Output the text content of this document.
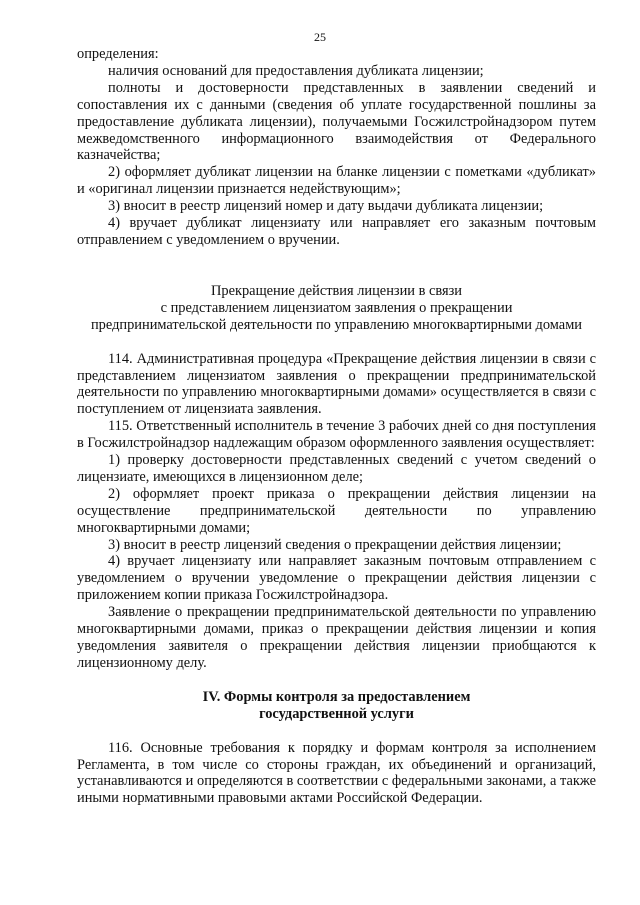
25

определения:

наличия оснований для предоставления дубликата лицензии;

полноты и достоверности представленных в заявлении сведений и сопоставления их с данными (сведения об уплате государственной пошлины за предоставление дубликата лицензии), получаемыми Госжилстройнадзором путем межведомственного информационного взаимодействия от Федерального казначейства;

2) оформляет дубликат лицензии на бланке лицензии с пометками «дубликат» и «оригинал лицензии признается недействующим»;

3) вносит в реестр лицензий номер и дату выдачи дубликата лицензии;

4) вручает дубликат лицензиату или направляет его заказным почтовым отправлением с уведомлением о вручении.

Прекращение действия лицензии в связи

с представлением лицензиатом заявления о прекращении

предпринимательской деятельности по управлению многоквартирными домами

114. Административная процедура «Прекращение действия лицензии в связи с представлением лицензиатом заявления о прекращении предпринимательской деятельности по управлению многоквартирными домами» осуществляется в связи с поступлением от лицензиата заявления.

115. Ответственный исполнитель в течение 3 рабочих дней со дня поступления в Госжилстройнадзор надлежащим образом оформленного заявления осуществляет:

1) проверку достоверности представленных сведений с учетом сведений о лицензиате, имеющихся в лицензионном деле;

2) оформляет проект приказа о прекращении действия лицензии на осуществление предпринимательской деятельности по управлению многоквартирными домами;

3) вносит в реестр лицензий сведения о прекращении действия лицензии;

4) вручает лицензиату или направляет заказным почтовым отправлением с уведомлением о вручении уведомление о прекращении действия лицензии с приложением копии приказа Госжилстройнадзора.

Заявление о прекращении предпринимательской деятельности по управлению многоквартирными домами, приказ о прекращении действия лицензии и копия уведомления заявителя о прекращении действия лицензии приобщаются к лицензионному делу.

IV. Формы контроля за предоставлением

государственной услуги

116. Основные требования к порядку и формам контроля за исполнением Регламента, в том числе со стороны граждан, их объединений и организаций, устанавливаются и определяются в соответствии с федеральными законами, а также иными нормативными правовыми актами Российской Федерации.
